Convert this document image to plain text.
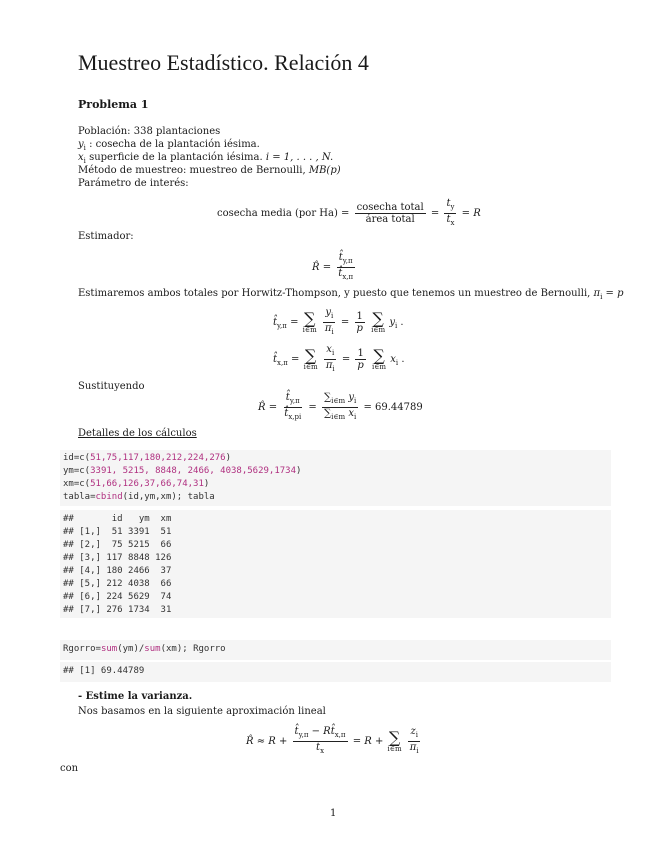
Muestreo Estadístico. Relación 4
Problema 1
Población: 338 plantaciones
$y_i$ : cosecha de la plantación iésima.
$x_i$ superficie de la plantación iésima. i = 1, . . . , N.
Método de muestreo: muestreo de Bernoulli, MB(p)
Parámetro de interés:
cosecha media (por $Ha) = \frac{\text{cosecha total}}{\text{área total}} = \frac{t_y}{t_x} = R$
Estimador:
R̂ = $\frac{t̂_{y,\pi}}{t̂_{x,\pi}}$
Estimaremos ambos totales por Horwitz-Thompson, y puesto que tenemos un muestreo de Bernoulli, $\pi_i = p$
$t̂_{y,\pi}$ = ∑
i∈m
$\frac{y_i}{\pi_i} = \frac{1}{p}$
∑
i∈m
$y_i$ .
$t̂_{x,\pi}$ = ∑
i∈m
$\frac{x_i}{\pi_i} = \frac{1}{p}$
∑
i∈m
$x_i$ .
Sustituyendo
R̂ = $\frac{t̂_{y,\pi}}{t̂_{x,pi}} = \frac{\sum_{i\in m} y_i}{\sum_{i\in m} x_i} = 69.44789$
Detalles de los cálculos
id=c(51,75,117,180,212,224,276)
ym=c(3391, 5215, 8848, 2466, 4038,5629,1734)
xm=c(51,66,126,37,66,74,31)
tabla=cbind(id,ym,xm); tabla
##       id   ym  xm
## [1,]  51 3391  51
## [2,]  75 5215  66
## [3,] 117 8848 126
## [4,] 180 2466  37
## [5,] 212 4038  66
## [6,] 224 5629  74
## [7,] 276 1734  31
Rgorro=sum(ym)/sum(xm); Rgorro
## [1] 69.44789
- Estime la varianza.
Nos basamos en la siguiente aproximación lineal
R̂ ≈ $R + \frac{t̂_{y,\pi} - Rt̂_{x,\pi}}{t_x} = R$ + ∑
i∈m
$\frac{z_i}{\pi_i}$
con
1
